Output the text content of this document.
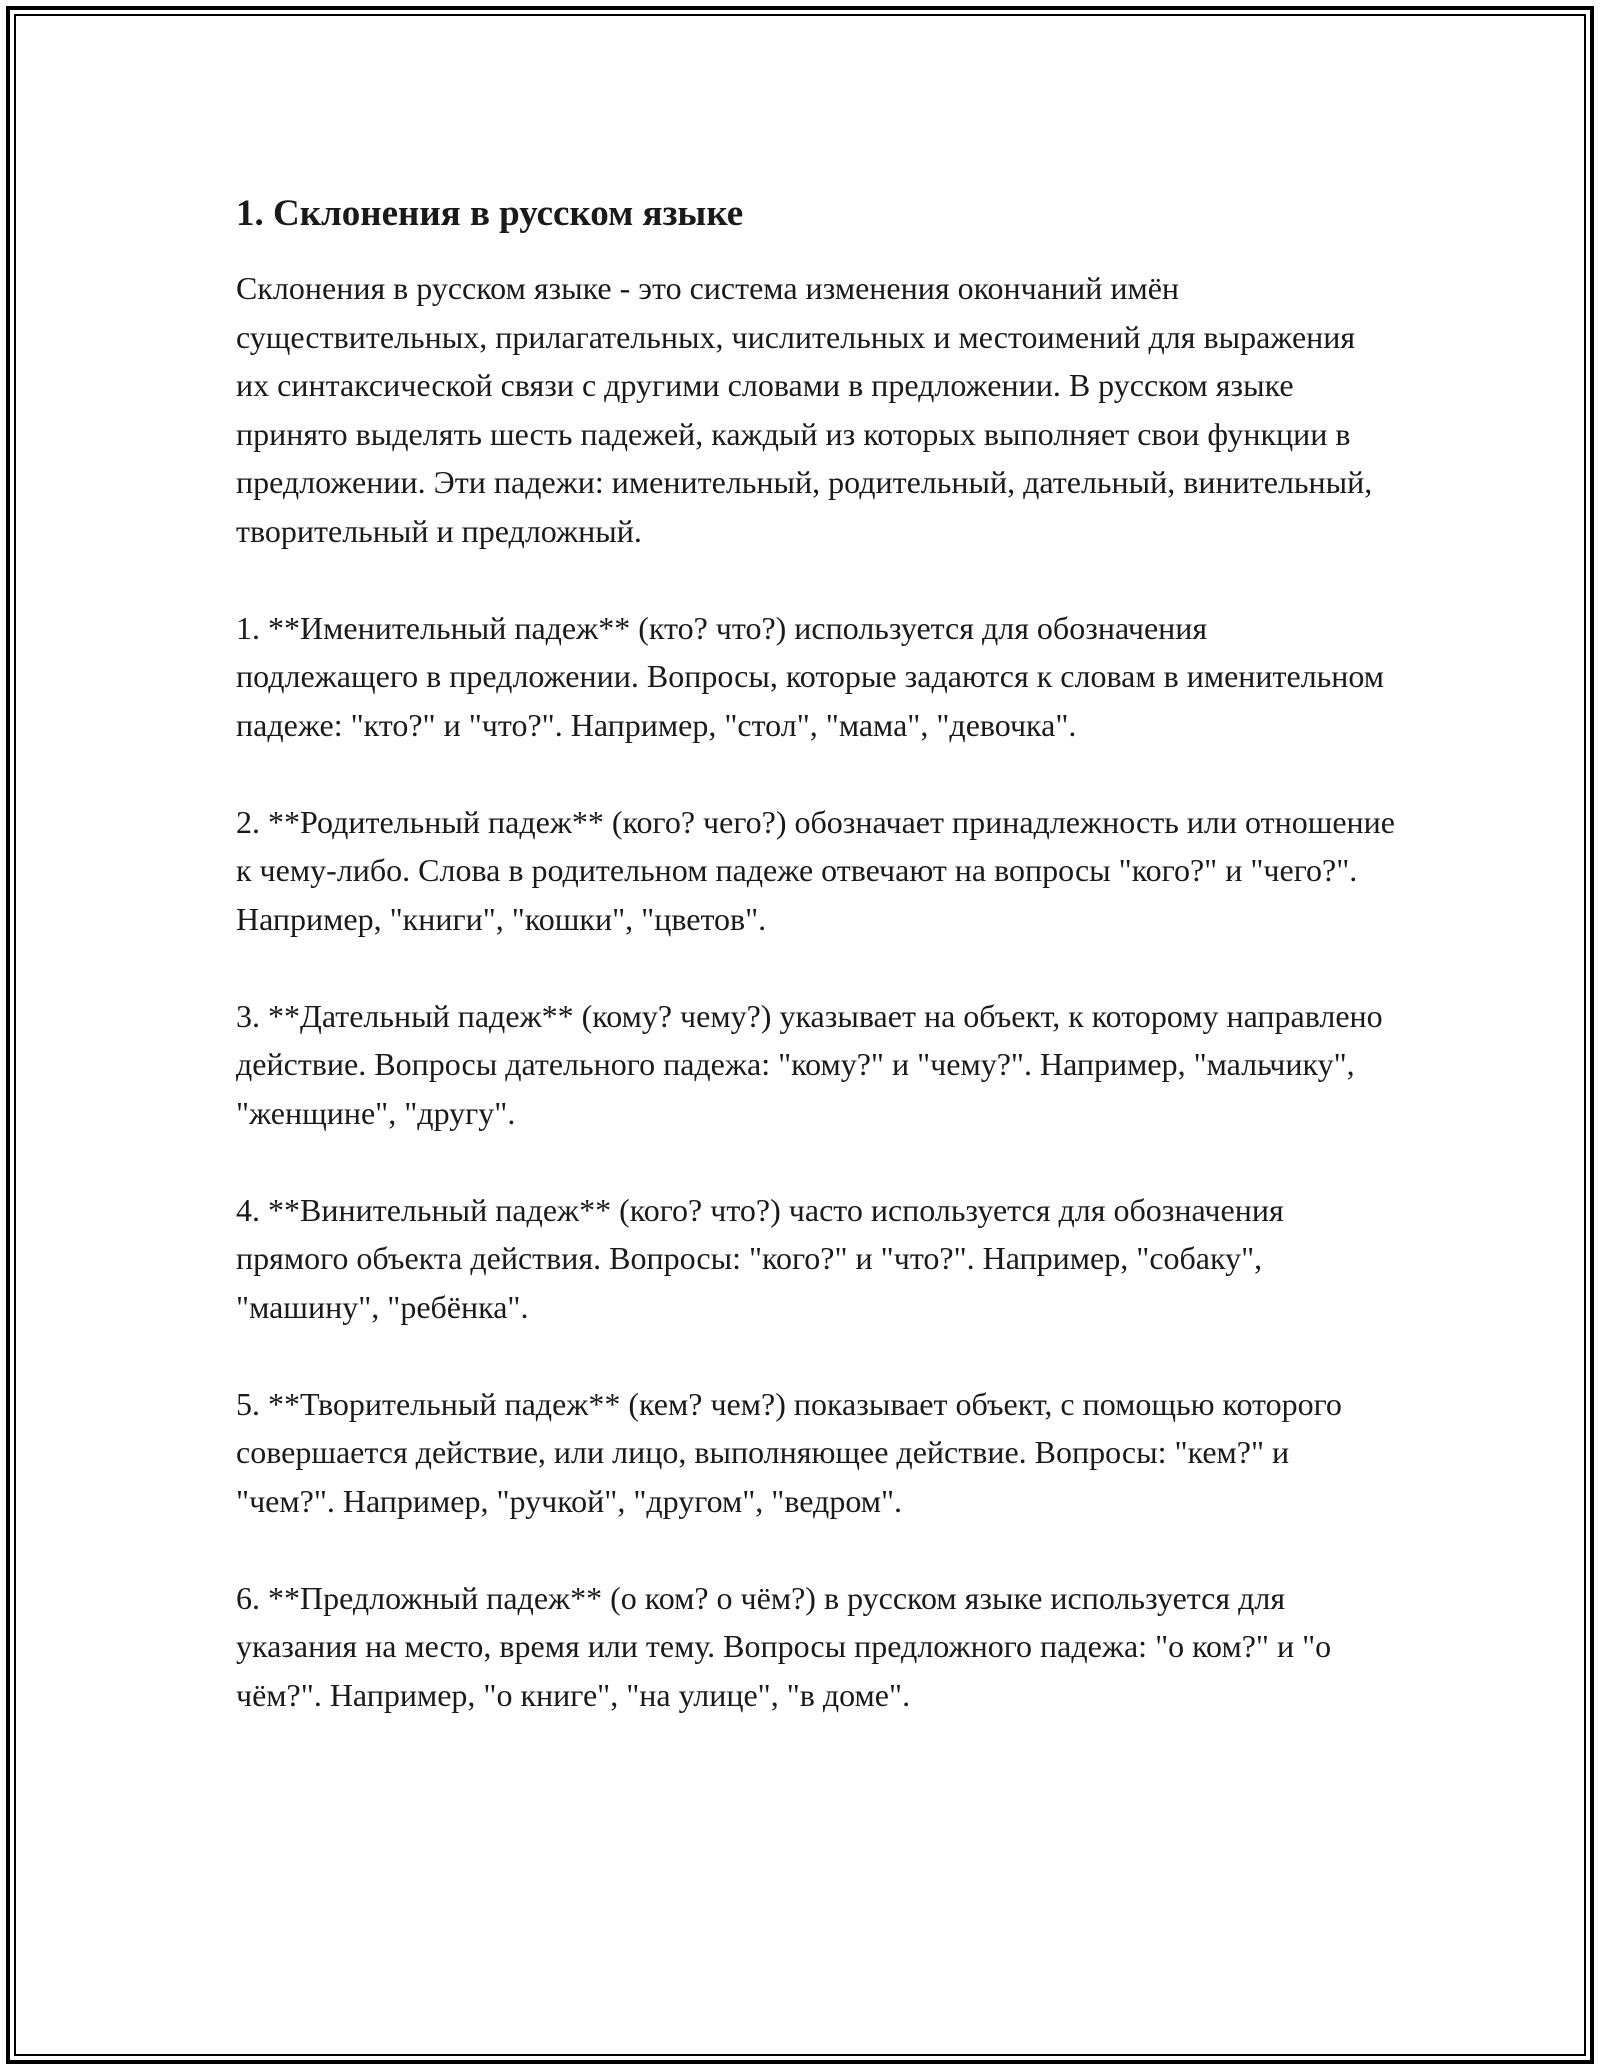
1. Склонения в русском языке

Склонения в русском языке - это система изменения окончаний имён существительных, прилагательных, числительных и местоимений для выражения их синтаксической связи с другими словами в предложении. В русском языке принято выделять шесть падежей, каждый из которых выполняет свои функции в предложении. Эти падежи: именительный, родительный, дательный, винительный, творительный и предложный.

1. **Именительный падеж** (кто? что?) используется для обозначения подлежащего в предложении. Вопросы, которые задаются к словам в именительном падеже: "кто?" и "что?". Например, "стол", "мама", "девочка".

2. **Родительный падеж** (кого? чего?) обозначает принадлежность или отношение к чему-либо. Слова в родительном падеже отвечают на вопросы "кого?" и "чего?". Например, "книги", "кошки", "цветов".

3. **Дательный падеж** (кому? чему?) указывает на объект, к которому направлено действие. Вопросы дательного падежа: "кому?" и "чему?". Например, "мальчику", "женщине", "другу".

4. **Винительный падеж** (кого? что?) часто используется для обозначения прямого объекта действия. Вопросы: "кого?" и "что?". Например, "собаку", "машину", "ребёнка".

5. **Творительный падеж** (кем? чем?) показывает объект, с помощью которого совершается действие, или лицо, выполняющее действие. Вопросы: "кем?" и "чем?". Например, "ручкой", "другом", "ведром".

6. **Предложный падеж** (о ком? о чём?) в русском языке используется для указания на место, время или тему. Вопросы предложного падежа: "о ком?" и "о чём?". Например, "о книге", "на улице", "в доме".
